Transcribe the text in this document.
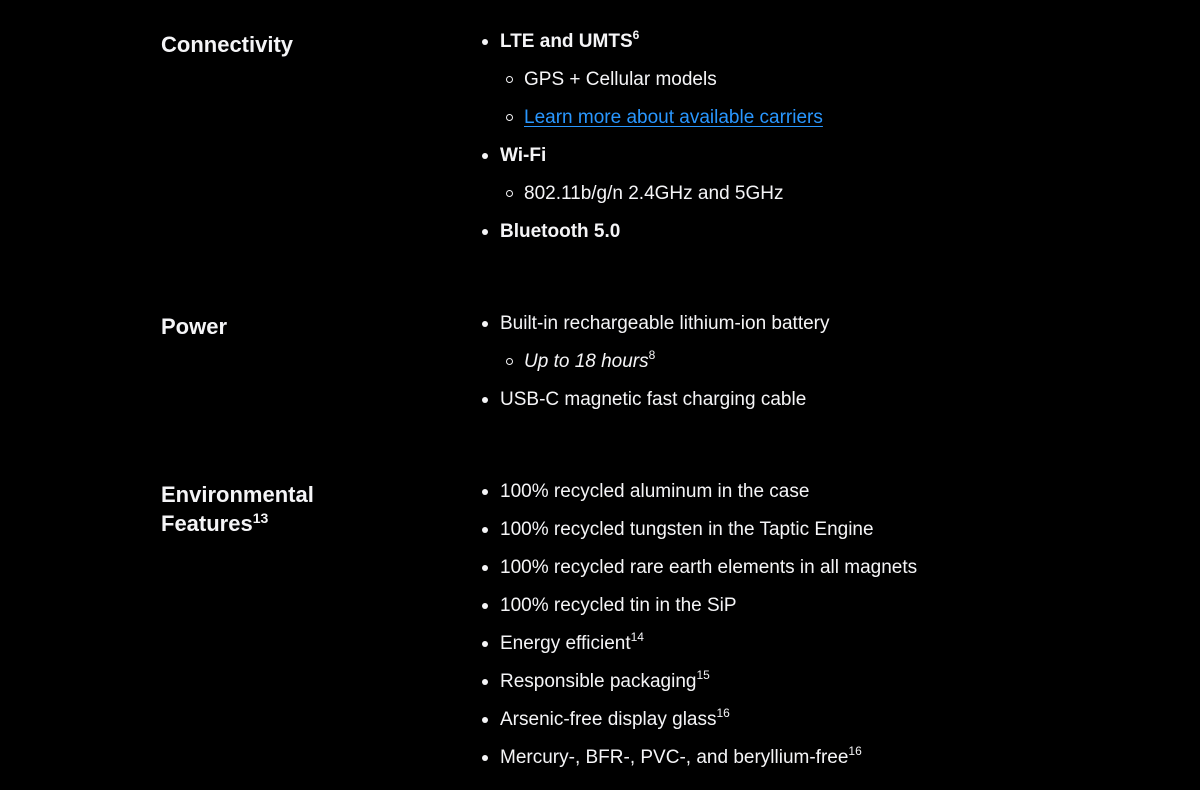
Connectivity	LTE and UMTS$^6$
GPS + Cellular models
Learn more about available carriers
Wi-Fi
802.11b/g/n 2.4GHz and 5GHz
Bluetooth 5.0
Power	Built-in rechargeable lithium-ion battery
Up to 18 hours$^8$
USB-C magnetic fast charging cable
Environmental
Features$^{13}$
100% recycled aluminum in the case
100% recycled tungsten in the Taptic Engine
100% recycled rare earth elements in all magnets
100% recycled tin in the SiP
Energy efficient$^{14}$
Responsible packaging$^{15}$
Arsenic-free display glass$^{16}$
Mercury-, BFR-, PVC-, and beryllium-free$^{16}$
